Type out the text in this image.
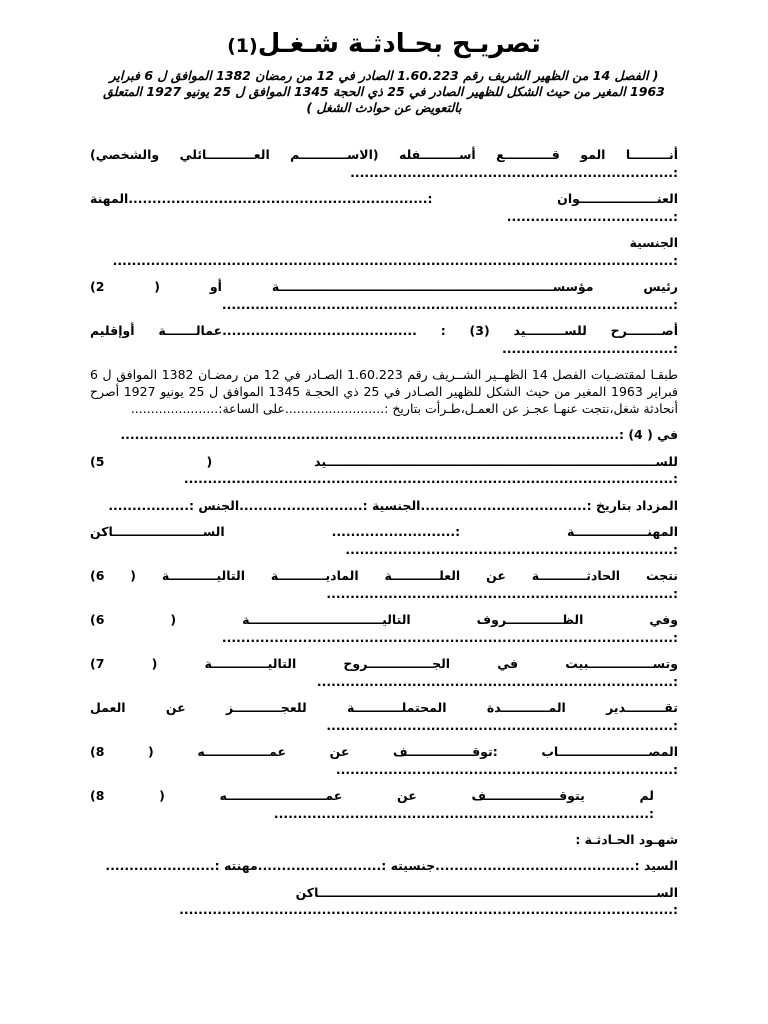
تصريـح بحـادثـة شـغـل(1)
( الفصل 14 من الظهير الشريف رقم 1.60.223 الصادر في 12 من رمضان 1382 الموافق ل 6 فبراير 1963 المغير من حيث الشكل للظهير الصادر في 25 ذي الحجة 1345 الموافق ل 25 يونيو 1927 المتعلق بالتعويض عن حوادث الشغل )
أنـــــــــا المو قـــــــــــع أســـــــــفله (الاســـــــــــم العـــــــــــائلي والشخصي) :....................................................................
العنــــــــــــــــــوان :...............................................................المهنة :...................................
الجنسية :......................................................................................................................
رئيس مؤسســــــــــــــــــــــــــــــــــــــــــــــــــــــــــــــــة أو ( 2) :...............................................................................................
أصــــــــرح للســـــــــيد (3) : .........................................عمالـــــــة أوإقليم :....................................
طبقـا لمقتضـيات الفصل 14 الظهــير الشــريف رقم 1.60.223 الصـادر في 12 من رمضـان 1382 الموافق ل 6 فبراير 1963 المغير من حيث الشكل للظهير الصـادر في 25 ذي الحجـة 1345 الموافق ل 25 يونيو 1927 أصرح أنحادثة شغل،نتجت عنهـا عجـز عن العمـل،طـرأت بتاريخ :.........................على الساعة:......................
في ( 4) :.........................................................................................................
للســـــــــــــــــــــــــــــــــــــــــــــــــــــــــــــــــــــــــــــيد ( 5) :.......................................................................................................
المزداد بتاريخ :...................................الجنسية :..........................الجنس :.................
المهنـــــــــــــــــة :.......................... الســـــــــــــــــــــاكن :.....................................................................
نتجت الحادثـــــــــــة عن العلـــــــــــة الماديـــــــــــة التاليـــــــــــة ( 6) :.........................................................................
وفي الظـــــــــــــروف التاليـــــــــــــــــــــــــــــــة ( 6) :...............................................................................................
وتســـــــــــــــبيت في الجـــــــــــــــروح التاليـــــــــــــة ( 7) :...........................................................................
تقـــــــــدير المـــــــــــدة المحتملـــــــــــة للعجـــــــــــز عن العمل :.........................................................................
المصـــــــــــــــــــــاب :توقـــــــــــــــف عن عمـــــــــــــــه ( 8) :.......................................................................
لم يتوقـــــــــــــــــف عن عمـــــــــــــــــــــــه ( 8) :...............................................................................
شهـود الحـادثـة :
السيد :..........................................جنسيته :..........................مهنته :.......................
الســـــــــــــــــــــــــــــــــــــــــــــــــــــــــــــــــــــــــــــــاكن :........................................................................................................
